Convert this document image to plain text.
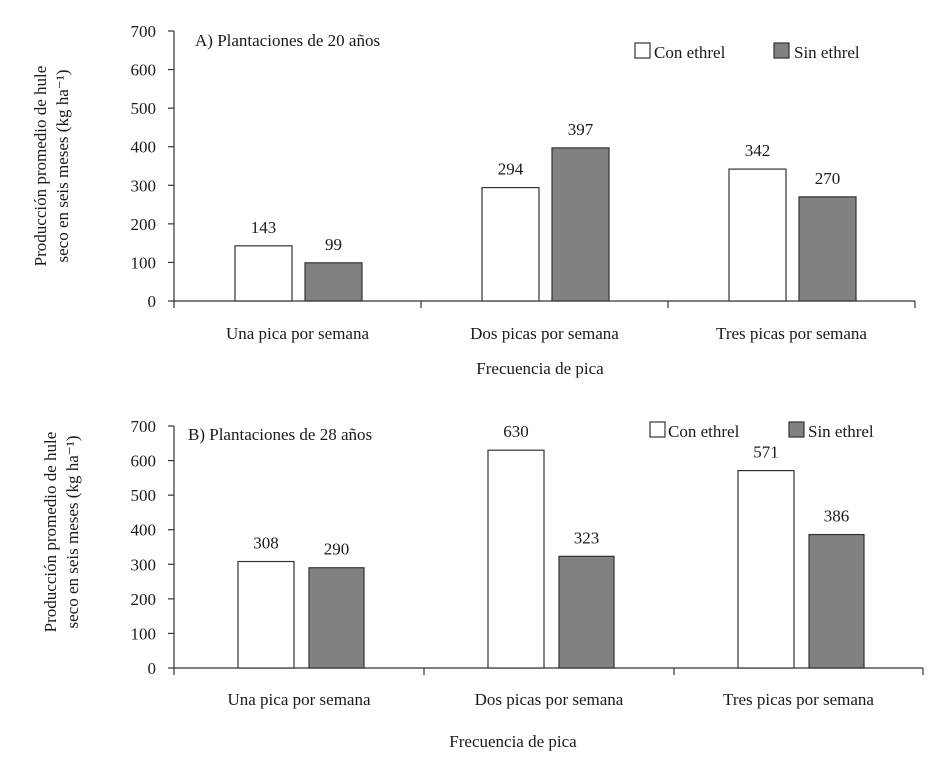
0
100
200
300
400
500
600
700
143
99
Una pica por semana
294
397
Dos picas por semana
342
270
Tres picas por semana
Frecuencia de pica
Producción promedio de hule seco en seis meses (kg ha⁻¹)
A) Plantaciones de 20 años
Con ethrel	Sin ethrel
0
100
200
300
400
500
600
700
308	290
Una pica por semana
630
323
Dos picas por semana
571
386
Tres picas por semana
Frecuencia de pica
Producción promedio de hule seco en seis meses (kg ha⁻¹)
B) Plantaciones de 28 años	Con ethrel	Sin ethrel
